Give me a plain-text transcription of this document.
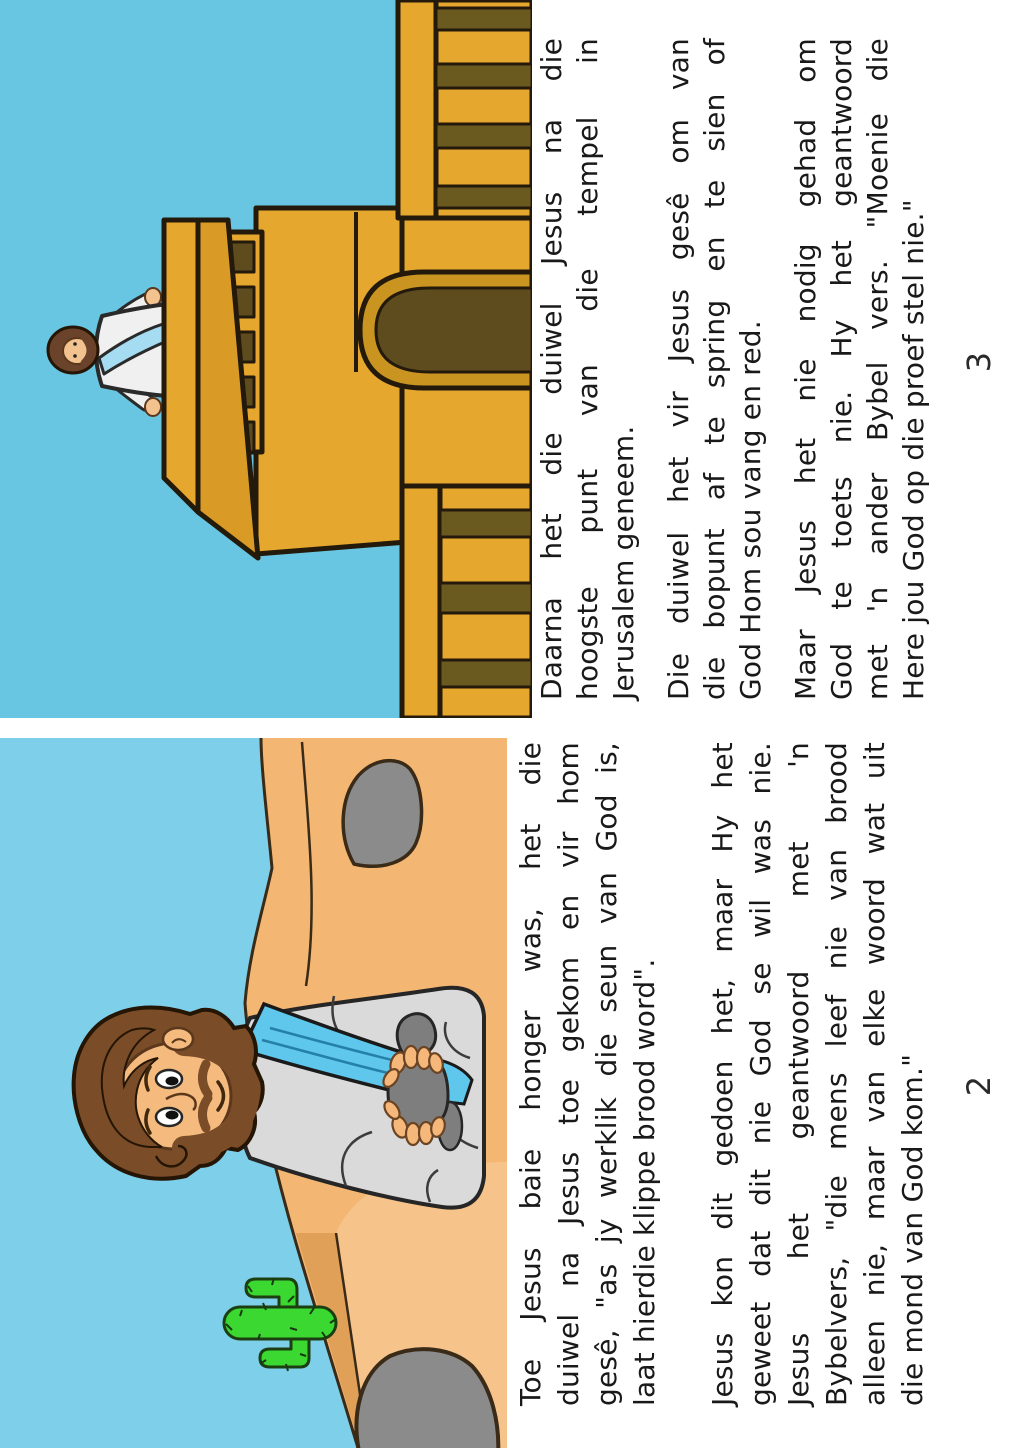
Daarna het die duiwel Jesus na die hoogste punt van die tempel in Jerusalem geneem. Die duiwel het vir Jesus gesê om van die bopunt af te spring en te sien of God Hom sou vang en red. Maar Jesus het nie nodig gehad om God te toets nie. Hy het geantwoord met 'n ander Bybel vers. "Moenie die Here jou God op die proef stel nie." 3
Toe Jesus baie honger was, het die duiwel na Jesus toe gekom en vir hom gesê, "as jy werklik die seun van God is, laat hierdie klippe brood word". Jesus kon dit gedoen het, maar Hy het geweet dat dit nie God se wil was nie. Jesus het geantwoord met 'n Bybelvers, "die mens leef nie van brood alleen nie, maar van elke woord wat uit die mond van God kom." 2
